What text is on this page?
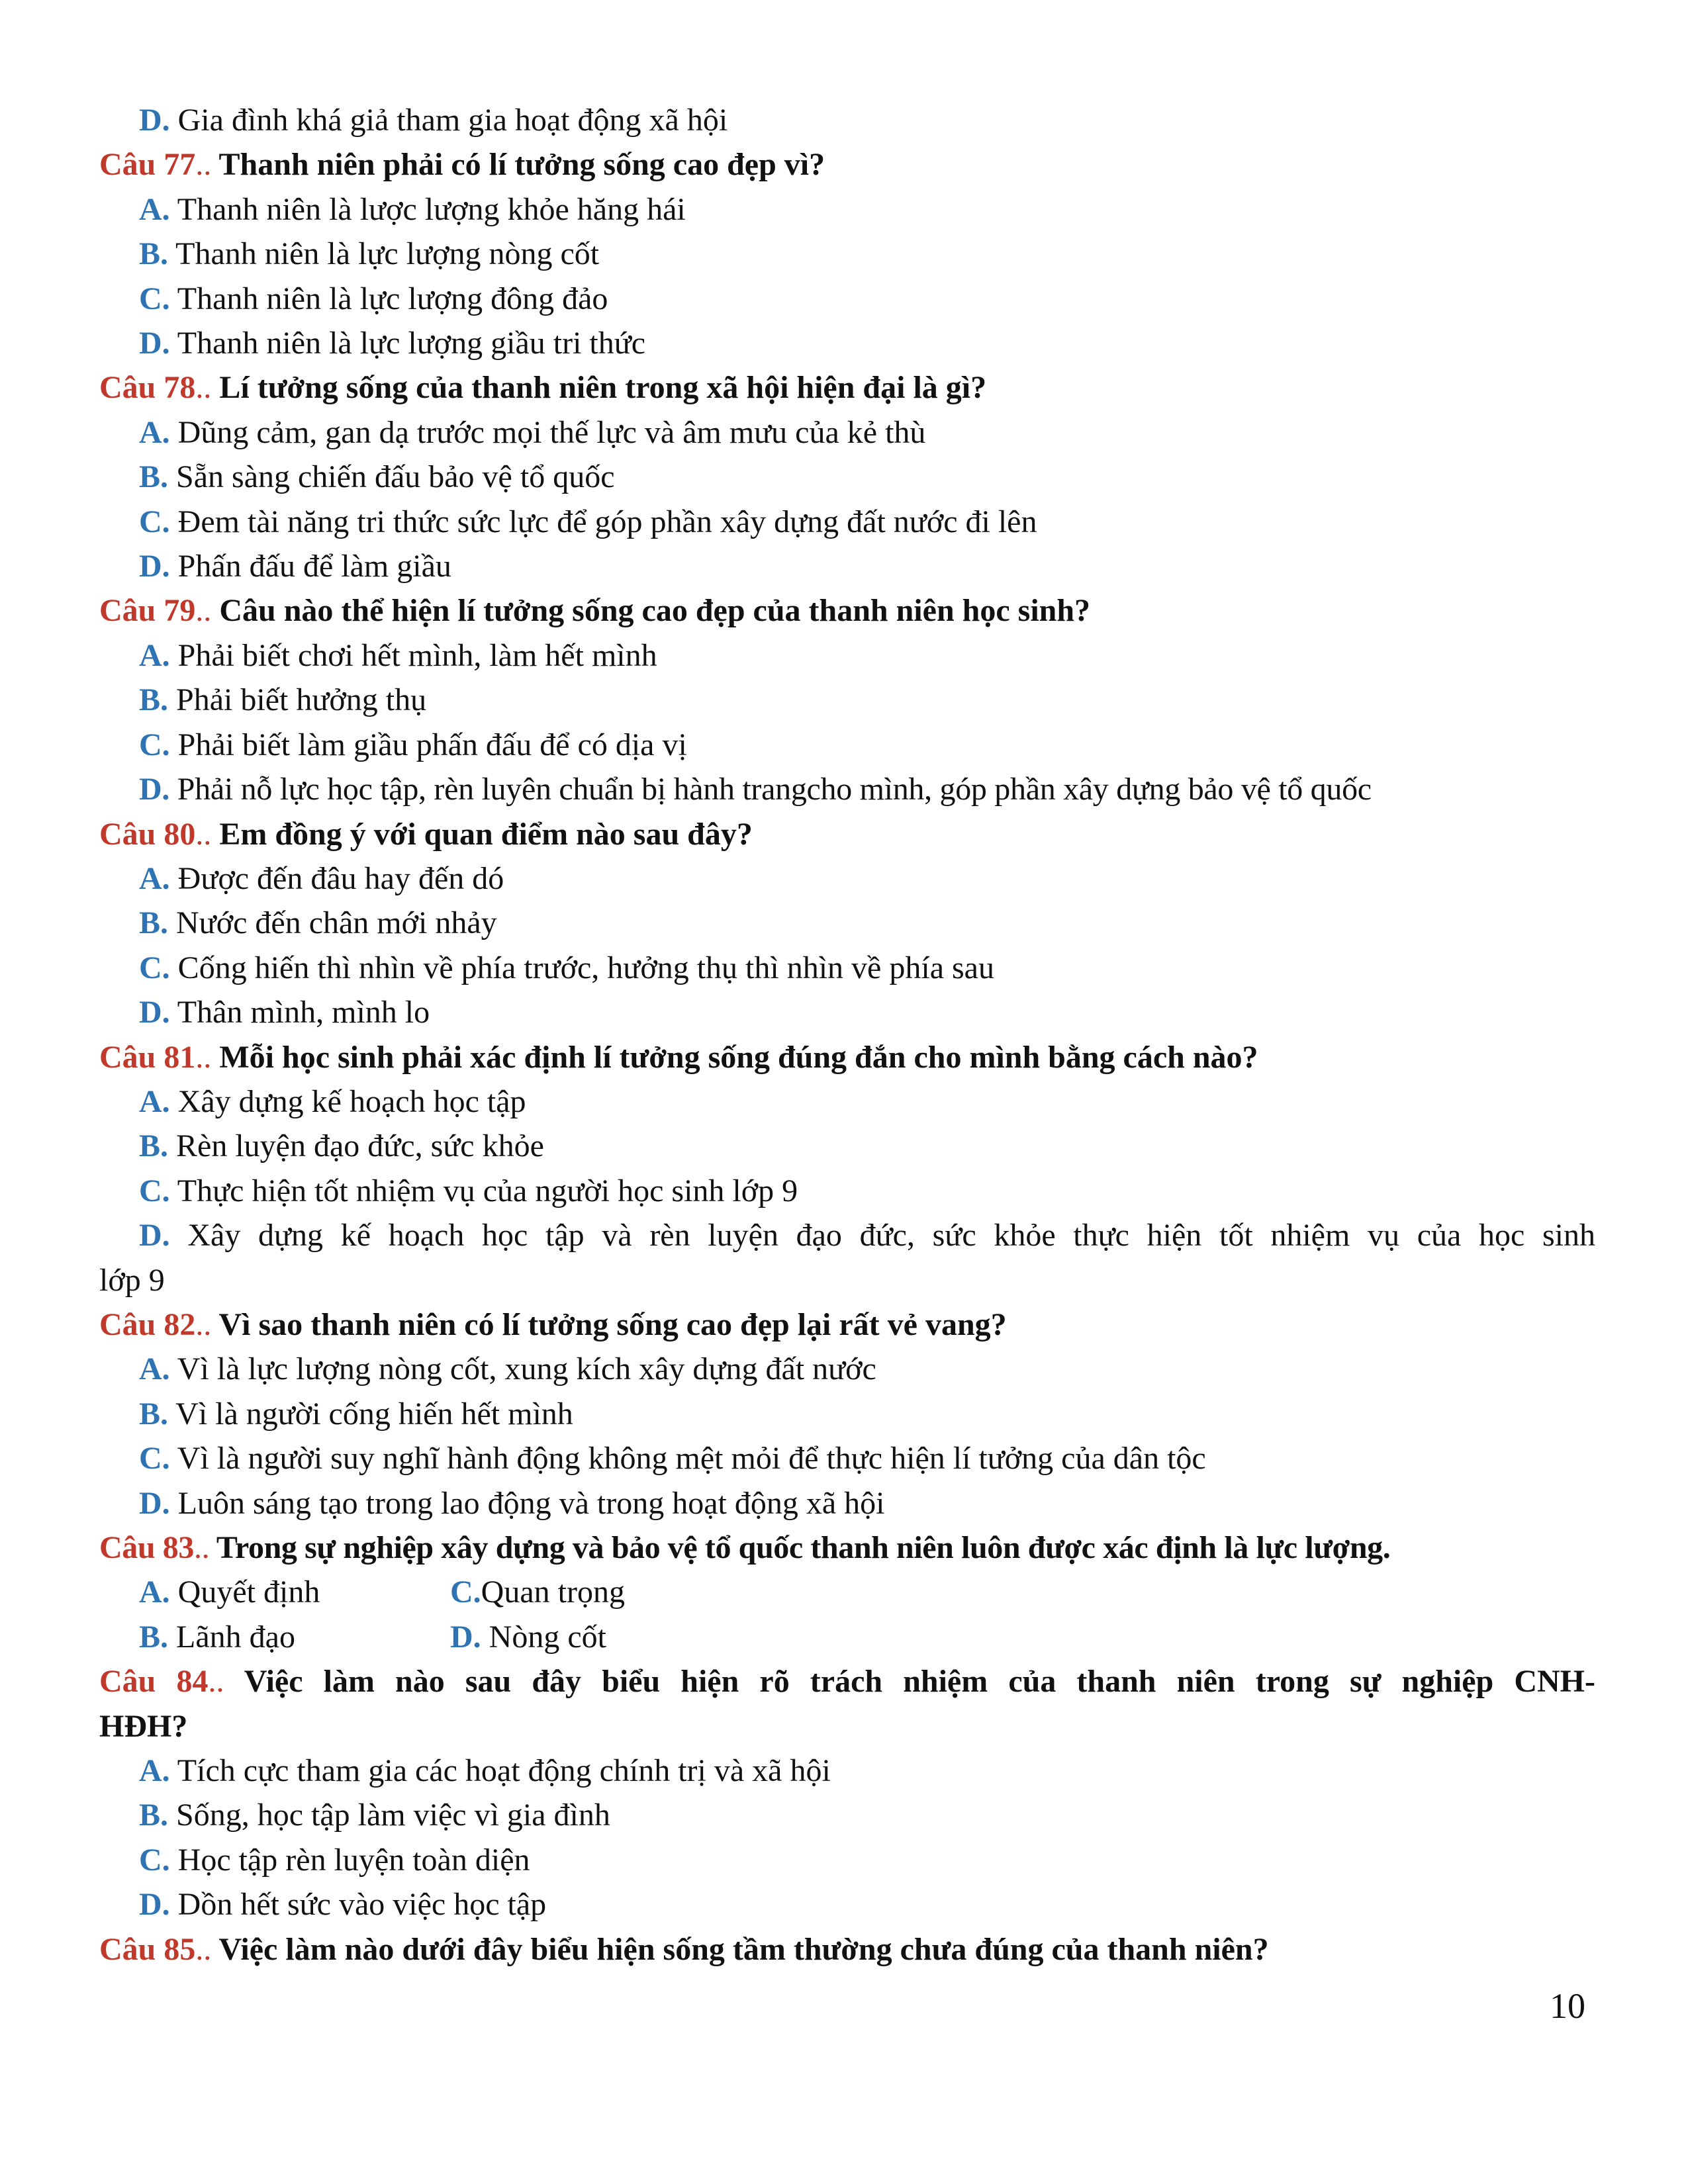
D. Gia đình khá giả tham gia hoạt động xã hội
Câu 77.. Thanh niên phải có lí tưởng sống cao đẹp vì?
A. Thanh niên là lược lượng khỏe hăng hái
B. Thanh niên là lực lượng nòng cốt
C. Thanh niên là lực lượng đông đảo
D. Thanh niên là lực lượng giầu tri thức
Câu 78.. Lí tưởng sống của thanh niên trong xã hội hiện đại là gì?
A. Dũng cảm, gan dạ trước mọi thế lực và âm mưu của kẻ thù
B. Sẵn sàng chiến đấu bảo vệ tổ quốc
C. Đem tài năng tri thức sức lực để góp phần xây dựng đất nước đi lên
D. Phấn đấu để làm giầu
Câu 79.. Câu nào thể hiện lí tưởng sống cao đẹp của thanh niên học sinh?
A. Phải biết chơi hết mình, làm hết mình
B. Phải biết hưởng thụ
C. Phải biết làm giầu phấn đấu để có dịa vị
D. Phải nỗ lực học tập, rèn luyên chuẩn bị hành trangcho mình, góp phần xây dựng bảo vệ tổ quốc
Câu 80.. Em đồng ý với quan điểm nào sau đây?
A. Được đến đâu hay đến dó
B. Nước đến chân mới nhảy
C. Cống hiến thì nhìn về phía trước, hưởng thụ thì nhìn về phía sau
D. Thân mình, mình lo
Câu 81.. Mỗi học sinh phải xác định lí tưởng sống đúng đắn cho mình bằng cách nào?
A. Xây dựng kế hoạch học tập
B. Rèn luyện đạo đức, sức khỏe
C. Thực hiện tốt nhiệm vụ của người học sinh lớp 9
D. Xây dựng kế hoạch học tập và rèn luyện đạo đức, sức khỏe thực hiện tốt nhiệm vụ của học sinh
lớp 9
Câu 82.. Vì sao thanh niên có lí tưởng sống cao đẹp lại rất vẻ vang?
A. Vì là lực lượng nòng cốt, xung kích xây dựng đất nước
B. Vì là người cống hiến hết mình
C. Vì là người suy nghĩ hành động không mệt mỏi để thực hiện lí tưởng của dân tộc
D. Luôn sáng tạo trong lao động và trong hoạt động xã hội
Câu 83.. Trong sự nghiệp xây dựng và bảo vệ tổ quốc thanh niên luôn được xác định là lực lượng.
A. Quyết định	C.Quan trọng
B. Lãnh đạo	D. Nòng cốt
Câu 84.. Việc làm nào sau đây biểu hiện rõ trách nhiệm của thanh niên trong sự nghiệp CNH-
HĐH?
A. Tích cực tham gia các hoạt động chính trị và xã hội
B. Sống, học tập làm việc vì gia đình
C. Học tập rèn luyện toàn diện
D. Dồn hết sức vào việc học tập
Câu 85.. Việc làm nào dưới đây biểu hiện sống tầm thường chưa đúng của thanh niên?
10
